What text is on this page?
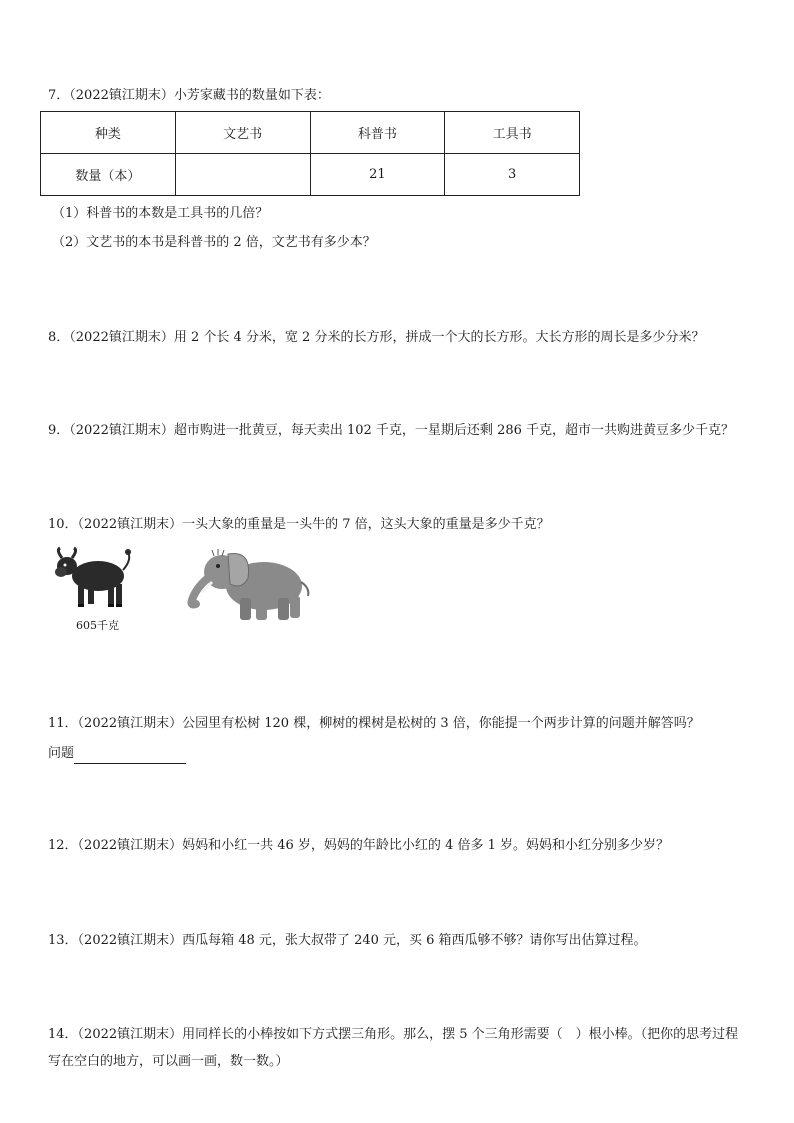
7．（2022镇江期末）小芳家藏书的数量如下表：
种类	文艺书	科普书	工具书
数量（本）		21	3
（1）科普书的本数是工具书的几倍？
（2）文艺书的本书是科普书的 2 倍，文艺书有多少本？
8．（2022镇江期末）用 2 个长 4 分米，宽 2 分米的长方形，拼成一个大的长方形。大长方形的周长是多少分米？
9．（2022镇江期末）超市购进一批黄豆，每天卖出 102 千克，一星期后还剩 286 千克，超市一共购进黄豆多少千克？
10．（2022镇江期末）一头大象的重量是一头牛的 7 倍，这头大象的重量是多少千克？
605千克
11．（2022镇江期末）公园里有松树 120 棵，柳树的棵树是松树的 3 倍，你能提一个两步计算的问题并解答吗？
问题
12．（2022镇江期末）妈妈和小红一共 46 岁，妈妈的年龄比小红的 4 倍多 1 岁。妈妈和小红分别多少岁？
13．（2022镇江期末）西瓜每箱 48 元，张大叔带了 240 元，买 6 箱西瓜够不够？请你写出估算过程。
14．（2022镇江期末）用同样长的小棒按如下方式摆三角形。那么，摆 5 个三角形需要（　）根小棒。（把你的思考过程写在空白的地方，可以画一画，数一数。）
